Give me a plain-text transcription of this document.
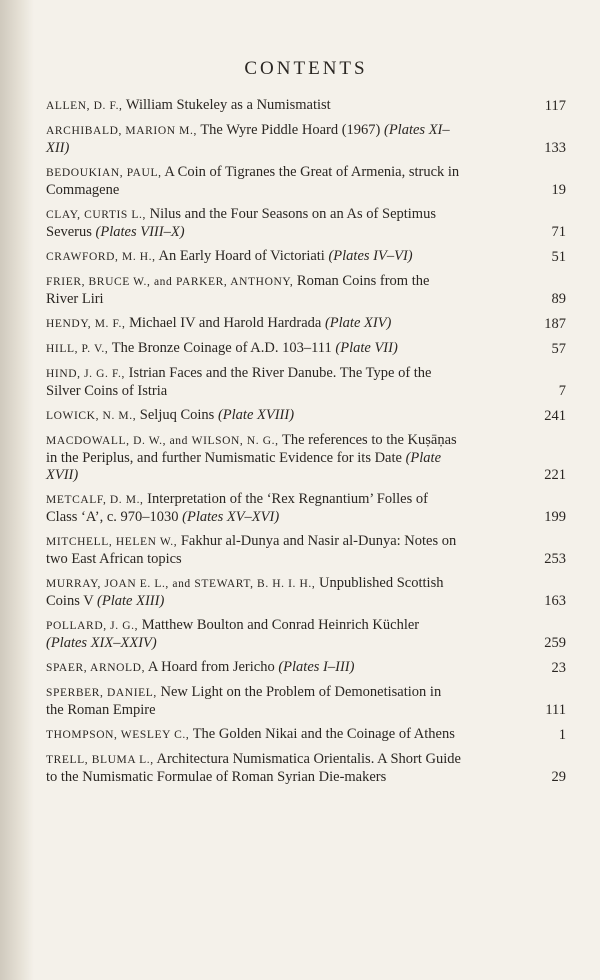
CONTENTS
ALLEN, D. F., William Stukeley as a Numismatist	117
ARCHIBALD, MARION M., The Wyre Piddle Hoard (1967) (Plates XI–XII)	133
BEDOUKIAN, PAUL, A Coin of Tigranes the Great of Armenia, struck in Commagene	19
CLAY, CURTIS L., Nilus and the Four Seasons on an As of Septimus Severus (Plates VIII–X)	71
CRAWFORD, M. H., An Early Hoard of Victoriati (Plates IV–VI)	51
FRIER, BRUCE W., and PARKER, ANTHONY, Roman Coins from the River Liri	89
HENDY, M. F., Michael IV and Harold Hardrada (Plate XIV)	187
HILL, P. V., The Bronze Coinage of A.D. 103–111 (Plate VII)	57
HIND, J. G. F., Istrian Faces and the River Danube. The Type of the Silver Coins of Istria	7
LOWICK, N. M., Seljuq Coins (Plate XVIII)	241
MACDOWALL, D. W., and WILSON, N. G., The references to the Kuṣāṇas in the Periplus, and further Numismatic Evidence for its Date (Plate XVII)	221
METCALF, D. M., Interpretation of the ‘Rex Regnantium’ Folles of Class ‘A’, c. 970–1030 (Plates XV–XVI)	199
MITCHELL, HELEN W., Fakhur al-Dunya and Nasir al-Dunya: Notes on two East African topics	253
MURRAY, JOAN E. L., and STEWART, B. H. I. H., Unpublished Scottish Coins V (Plate XIII)	163
POLLARD, J. G., Matthew Boulton and Conrad Heinrich Küchler (Plates XIX–XXIV)	259
SPAER, ARNOLD, A Hoard from Jericho (Plates I–III)	23
SPERBER, DANIEL, New Light on the Problem of Demonetisation in the Roman Empire	111
THOMPSON, WESLEY C., The Golden Nikai and the Coinage of Athens	1
TRELL, BLUMA L., Architectura Numismatica Orientalis. A Short Guide to the Numismatic Formulae of Roman Syrian Die-makers	29
